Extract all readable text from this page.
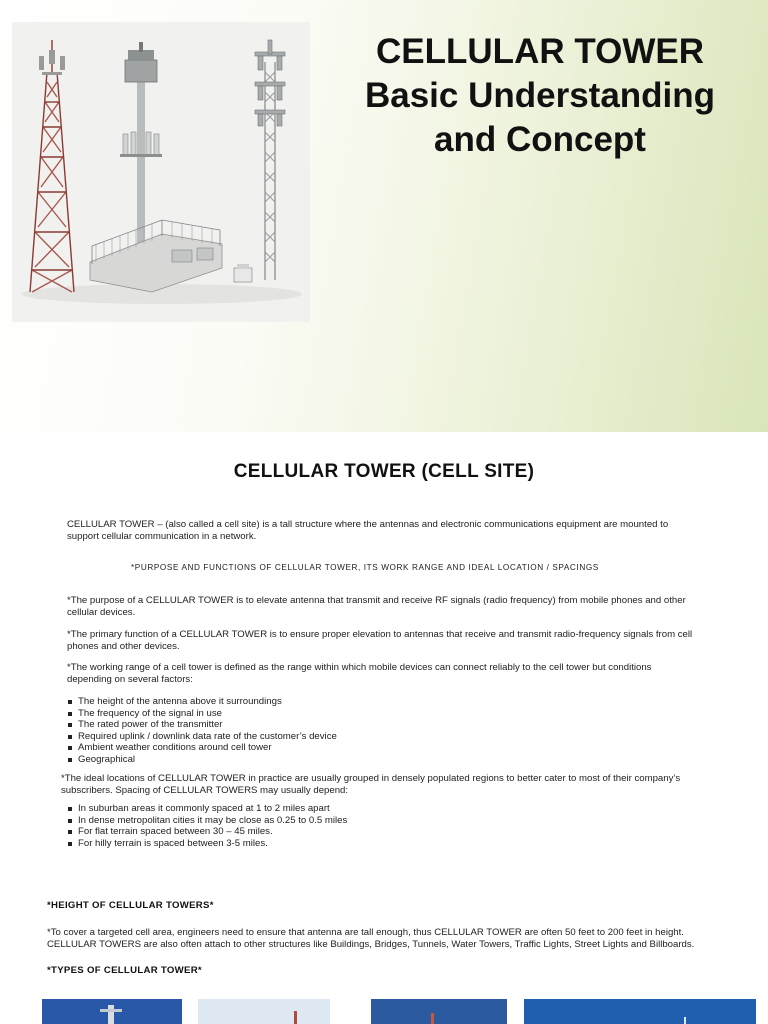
CELLULAR TOWER
Basic Understanding
and Concept
CELLULAR TOWER (CELL SITE)
CELLULAR TOWER – (also called a cell site) is a tall structure where the antennas and electronic communications equipment are mounted to
support cellular communication in a network.
*PURPOSE AND FUNCTIONS OF CELLULAR TOWER, ITS WORK RANGE AND IDEAL LOCATION / SPACINGS
*The purpose of a CELLULAR TOWER is to elevate antenna that transmit and receive RF signals (radio frequency) from mobile phones and other
cellular devices.
*The primary function of a CELLULAR TOWER is to ensure proper elevation to antennas that receive and transmit radio-frequency signals from cell
phones and other devices.
*The working range of a cell tower is defined as the range within which mobile devices can connect reliably to the cell tower but conditions
depending on several factors:
The height of the antenna above it surroundings
The frequency of the signal in use
The rated power of the transmitter
Required uplink / downlink data rate of the customer’s device
Ambient weather conditions around cell tower
Geographical
*The ideal locations of CELLULAR TOWER in practice are usually grouped in densely populated regions to better cater to most of their company’s
subscribers. Spacing of CELLULAR TOWERS may usually depend:
In suburban areas it commonly spaced at 1 to 2 miles apart
In dense metropolitan cities it may be close as 0.25 to 0.5 miles
For flat terrain spaced between 30 – 45 miles.
For hilly terrain is spaced between 3-5 miles.
*HEIGHT OF CELLULAR TOWERS*
*To cover a targeted cell area, engineers need to ensure that antenna are tall enough, thus CELLULAR TOWER are often 50 feet to 200 feet in height.
CELLULAR TOWERS are also often attach to other structures like Buildings, Bridges, Tunnels, Water Towers, Traffic Lights, Street Lights and Billboards.
*TYPES OF CELLULAR TOWER*
